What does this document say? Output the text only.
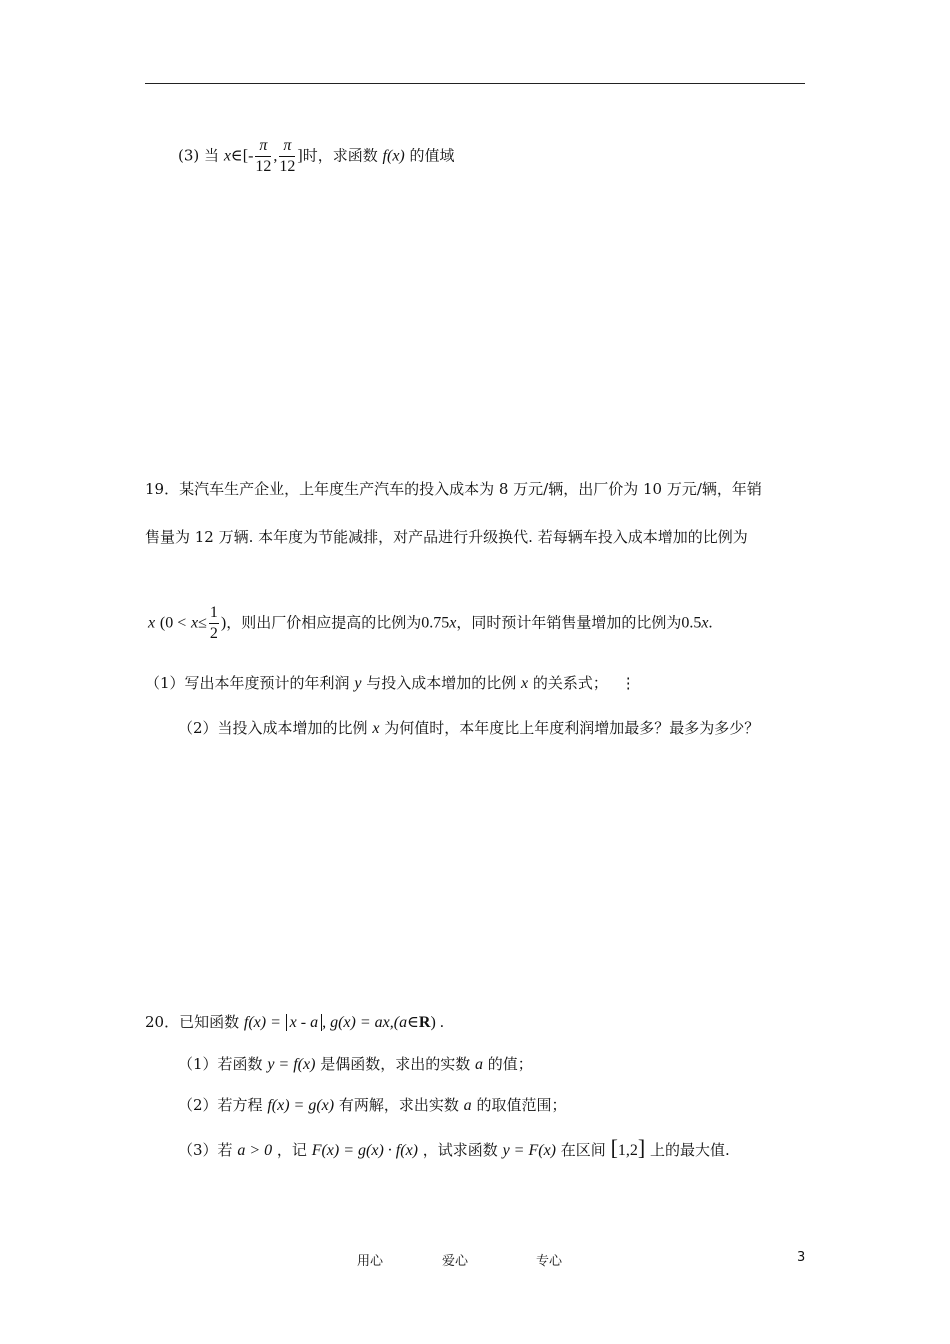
(3) 当 x∈[- $\frac{\pi}{12}$ , $\frac{\pi}{12}$ ]时，求函数 f(x) 的值域
19．某汽车生产企业，上年度生产汽车的投入成本为 8 万元/辆，出厂价为 10 万元/辆，年销
售量为 12 万辆. 本年度为节能减排，对产品进行升级换代. 若每辆车投入成本增加的比例为
x ($0 < x\le \frac{1}{2}$ )，则出厂价相应提高的比例为0.75x，同时预计年销售量增加的比例为0.5x.
（1）写出本年度预计的年利润 y 与投入成本增加的比例 x 的关系式； ⋮
（2）当投入成本增加的比例 x 为何值时，本年度比上年度利润增加最多？最多为多少？
20．已知函数 f(x) = x - a , g(x) = ax,(a∈R) .
（1）若函数 y = f(x) 是偶函数，求出的实数 a 的值；
（2）若方程 f(x) = g(x) 有两解，求出实数 a 的取值范围；
（3）若 a > 0 ，记 F(x) = g(x) · f(x) ，试求函数 y = F(x) 在区间 [1,2] 上的最大值.
用心	爱心	专心	3
